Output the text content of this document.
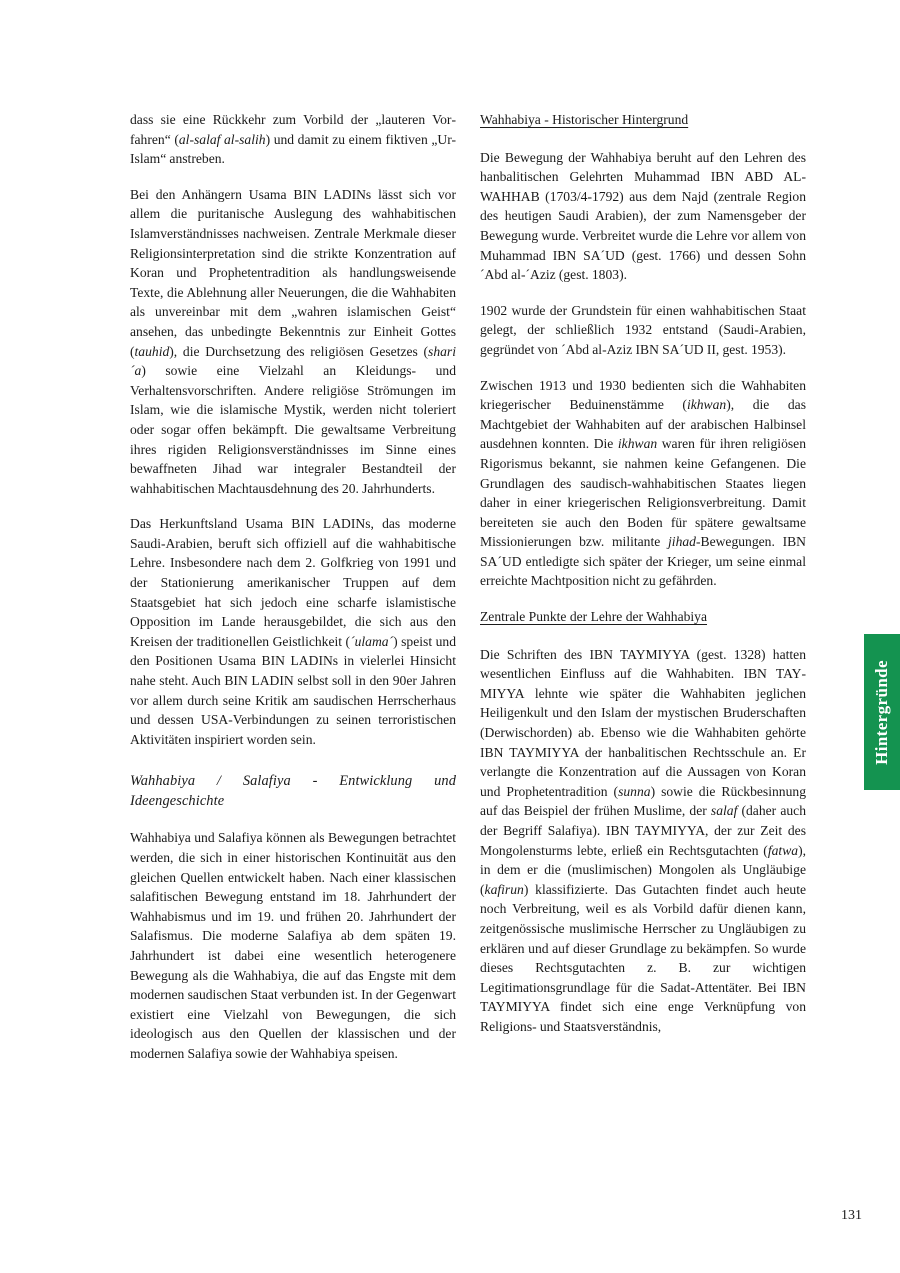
dass sie eine Rückkehr zum Vorbild der „lauteren Vorfahren“ (al-salaf al-salih) und damit zu einem fiktiven „Ur-Islam“ anstreben.

Bei den Anhängern Usama BIN LADINs lässt sich vor allem die puritanische Auslegung des wahhabitischen Islamverständnisses nachweisen. Zentrale Merkmale dieser Religionsinterpretation sind die strikte Konzentration auf Koran und Prophetentradition als handlungsweisende Texte, die Ablehnung aller Neuerungen, die die Wahhabiten als unvereinbar mit dem „wahren islamischen Geist“ ansehen, das unbedingte Bekenntnis zur Einheit Gottes (tauhid), die Durchsetzung des religiösen Gesetzes (shari´a) sowie eine Vielzahl an Kleidungs- und Verhaltensvorschriften. Andere religiöse Strömungen im Islam, wie die islamische Mystik, werden nicht toleriert oder sogar offen bekämpft. Die gewaltsame Verbreitung ihres rigiden Religionsverständnisses im Sinne eines bewaffneten Jihad war integraler Bestandteil der wahhabitischen Machtausdehnung des 20. Jahrhunderts.

Das Herkunftsland Usama BIN LADINs, das moderne Saudi-Arabien, beruft sich offiziell auf die wahhabitische Lehre. Insbesondere nach dem 2. Golfkrieg von 1991 und der Stationierung amerikanischer Truppen auf dem Staatsgebiet hat sich jedoch eine scharfe islamistische Opposition im Lande herausgebildet, die sich aus den Kreisen der traditionellen Geistlichkeit (´ulama´) speist und den Positionen Usama BIN LADINs in vielerlei Hinsicht nahe steht. Auch BIN LADIN selbst soll in den 90er Jahren vor allem durch seine Kritik am saudischen Herrscherhaus und dessen USA-Verbindungen zu seinen terroristischen Aktivitäten inspiriert worden sein.

Wahhabiya / Salafiya - Entwicklung und Ideengeschichte

Wahhabiya und Salafiya können als Bewegungen betrachtet werden, die sich in einer historischen Kontinuität aus den gleichen Quellen entwickelt haben. Nach einer klassischen salafitischen Bewegung entstand im 18. Jahrhundert der Wahhabismus und im 19. und frühen 20. Jahrhundert der Salafismus. Die moderne Salafiya ab dem späten 19. Jahrhundert ist dabei eine wesentlich heterogenere Bewegung als die Wahhabiya, die auf das Engste mit dem modernen saudischen Staat verbunden ist. In der Gegenwart existiert eine Vielzahl von Bewegungen, die sich ideologisch aus den Quellen der klassischen und der modernen Salafiya sowie der Wahhabiya speisen.

Wahhabiya - Historischer Hintergrund

Die Bewegung der Wahhabiya beruht auf den Lehren des hanbalitischen Gelehrten Muhammad IBN ABD AL-WAHHAB (1703/4-1792) aus dem Najd (zentrale Region des heutigen Saudi Arabien), der zum Namensgeber der Bewegung wurde. Verbreitet wurde die Lehre vor allem von Muhammad IBN SA´UD (gest. 1766) und dessen Sohn ´Abd al-´Aziz (gest. 1803).

1902 wurde der Grundstein für einen wahhabitischen Staat gelegt, der schließlich 1932 entstand (Saudi-Arabien, gegründet von ´Abd al-Aziz IBN SA´UD II, gest. 1953).

Zwischen 1913 und 1930 bedienten sich die Wahhabiten kriegerischer Beduinenstämme (ikhwan), die das Machtgebiet der Wahhabiten auf der arabischen Halbinsel ausdehnen konnten. Die ikhwan waren für ihren religiösen Rigorismus bekannt, sie nahmen keine Gefangenen. Die Grundlagen des saudisch-wahhabitischen Staates liegen daher in einer kriegerischen Religionsverbreitung. Damit bereiteten sie auch den Boden für spätere gewaltsame Missionierungen bzw. militante jihad-Bewegungen. IBN SA´UD entledigte sich später der Krieger, um seine einmal erreichte Machtposition nicht zu gefährden.

Zentrale Punkte der Lehre der Wahhabiya

Die Schriften des IBN TAYMIYYA (gest. 1328) hatten wesentlichen Einfluss auf die Wahhabiten. IBN TAYMIYYA lehnte wie später die Wahhabiten jeglichen Heiligenkult und den Islam der mystischen Bruderschaften (Derwischorden) ab. Ebenso wie die Wahhabiten gehörte IBN TAYMIYYA der hanbalitischen Rechtsschule an. Er verlangte die Konzentration auf die Aussagen von Koran und Prophetentradition (sunna) sowie die Rückbesinnung auf das Beispiel der frühen Muslime, der salaf (daher auch der Begriff Salafiya). IBN TAYMIYYA, der zur Zeit des Mongolensturms lebte, erließ ein Rechtsgutachten (fatwa), in dem er die (muslimischen) Mongolen als Ungläubige (kafirun) klassifizierte. Das Gutachten findet auch heute noch Verbreitung, weil es als Vorbild dafür dienen kann, zeitgenössische muslimische Herrscher zu Ungläubigen zu erklären und auf dieser Grundlage zu bekämpfen. So wurde dieses Rechtsgutachten z. B. zur wichtigen Legitimationsgrundlage für die Sadat-Attentäter. Bei IBN TAYMIYYA findet sich eine enge Verknüpfung von Religions- und Staatsverständnis,

Hintergründe
131
